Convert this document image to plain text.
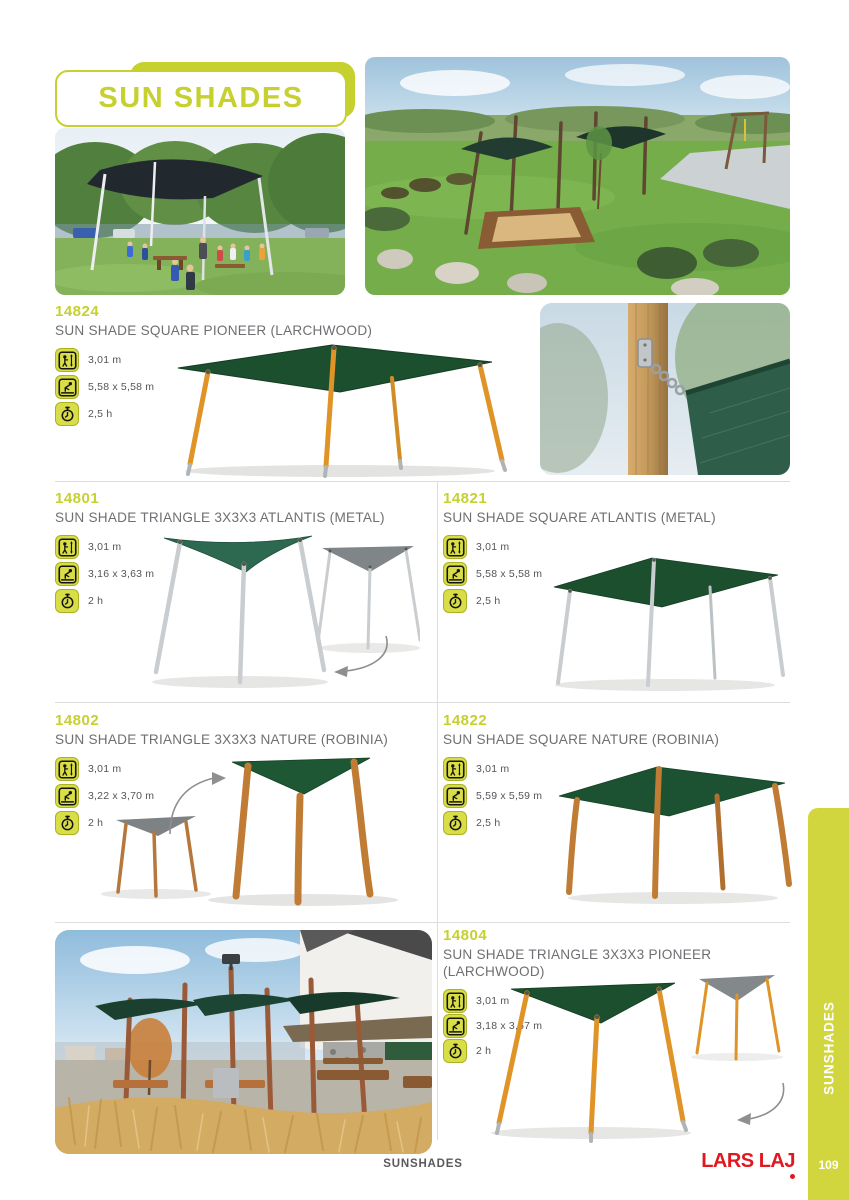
SUN SHADES
14824
SUN SHADE SQUARE PIONEER (LARCHWOOD)
3,01 m
5,58 x 5,58 m
2,5 h
14801
SUN SHADE TRIANGLE 3X3X3 ATLANTIS (METAL)
3,01 m
3,16 x 3,63 m
2 h
14821
SUN SHADE SQUARE ATLANTIS (METAL)
3,01 m
5,58 x 5,58 m
2,5 h
14802
SUN SHADE TRIANGLE 3X3X3 NATURE (ROBINIA)
3,01 m
3,22 x 3,70 m
2 h
14822
SUN SHADE SQUARE NATURE (ROBINIA)
3,01 m
5,59 x 5,59 m
2,5 h
14804
SUN SHADE TRIANGLE 3X3X3 PIONEER (LARCHWOOD)
3,01 m
3,18 x 3,67 m
2 h
SUNSHADES	LARS LAJ
SUNSHADES
109
